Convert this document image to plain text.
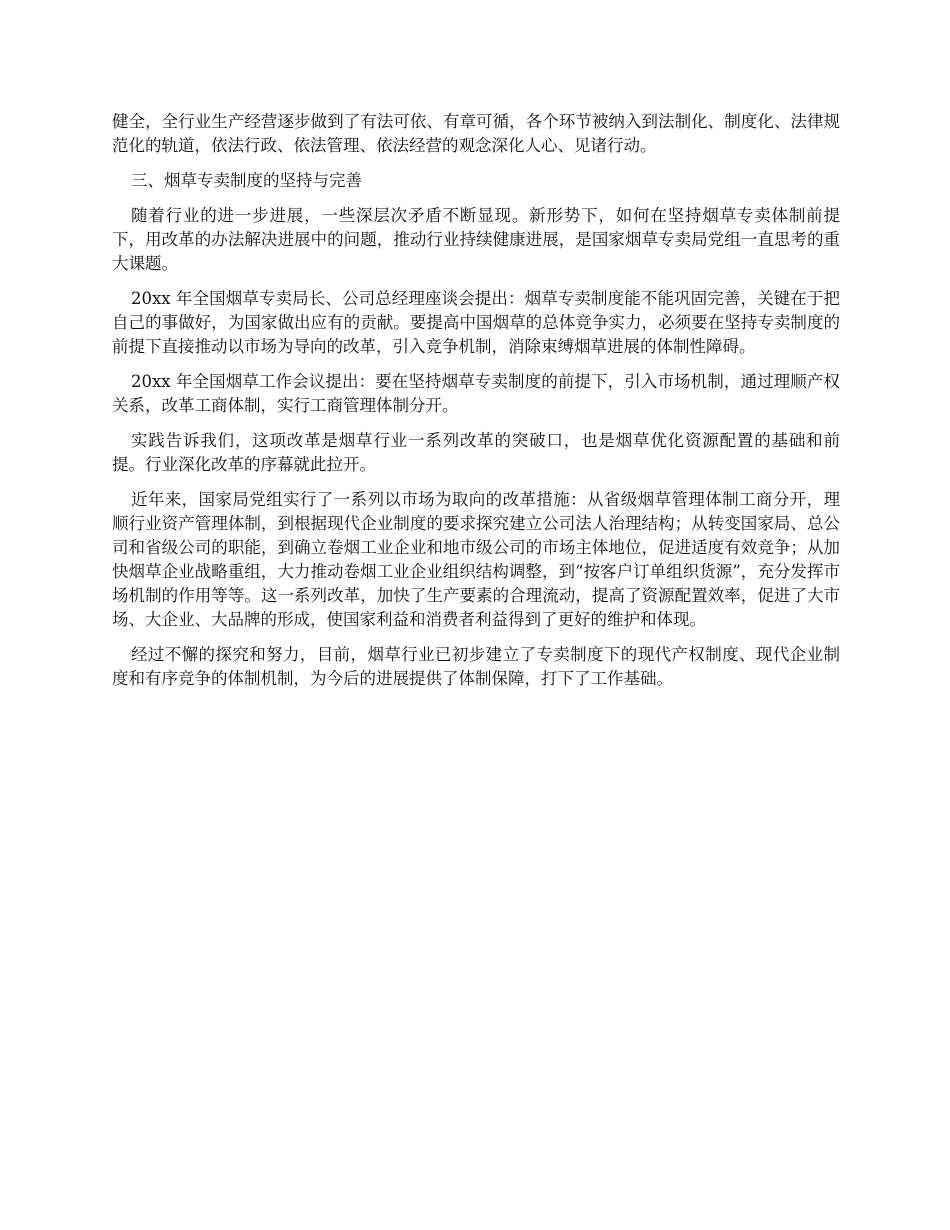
健全，全行业生产经营逐步做到了有法可依、有章可循，各个环节被纳入到法制化、制度化、法律规范化的轨道，依法行政、依法管理、依法经营的观念深化人心、见诸行动。

三、烟草专卖制度的坚持与完善

随着行业的进一步进展，一些深层次矛盾不断显现。新形势下，如何在坚持烟草专卖体制前提下，用改革的办法解决进展中的问题，推动行业持续健康进展，是国家烟草专卖局党组一直思考的重大课题。

20xx 年全国烟草专卖局长、公司总经理座谈会提出：烟草专卖制度能不能巩固完善，关键在于把自己的事做好，为国家做出应有的贡献。要提高中国烟草的总体竞争实力，必须要在坚持专卖制度的前提下直接推动以市场为导向的改革，引入竞争机制，消除束缚烟草进展的体制性障碍。

20xx 年全国烟草工作会议提出：要在坚持烟草专卖制度的前提下，引入市场机制，通过理顺产权关系，改革工商体制，实行工商管理体制分开。

实践告诉我们，这项改革是烟草行业一系列改革的突破口，也是烟草优化资源配置的基础和前提。行业深化改革的序幕就此拉开。

近年来，国家局党组实行了一系列以市场为取向的改革措施：从省级烟草管理体制工商分开，理顺行业资产管理体制，到根据现代企业制度的要求探究建立公司法人治理结构；从转变国家局、总公司和省级公司的职能，到确立卷烟工业企业和地市级公司的市场主体地位，促进适度有效竞争；从加快烟草企业战略重组，大力推动卷烟工业企业组织结构调整，到“按客户订单组织货源”，充分发挥市场机制的作用等等。这一系列改革，加快了生产要素的合理流动，提高了资源配置效率，促进了大市场、大企业、大品牌的形成，使国家利益和消费者利益得到了更好的维护和体现。

经过不懈的探究和努力，目前，烟草行业已初步建立了专卖制度下的现代产权制度、现代企业制度和有序竞争的体制机制，为今后的进展提供了体制保障，打下了工作基础。
